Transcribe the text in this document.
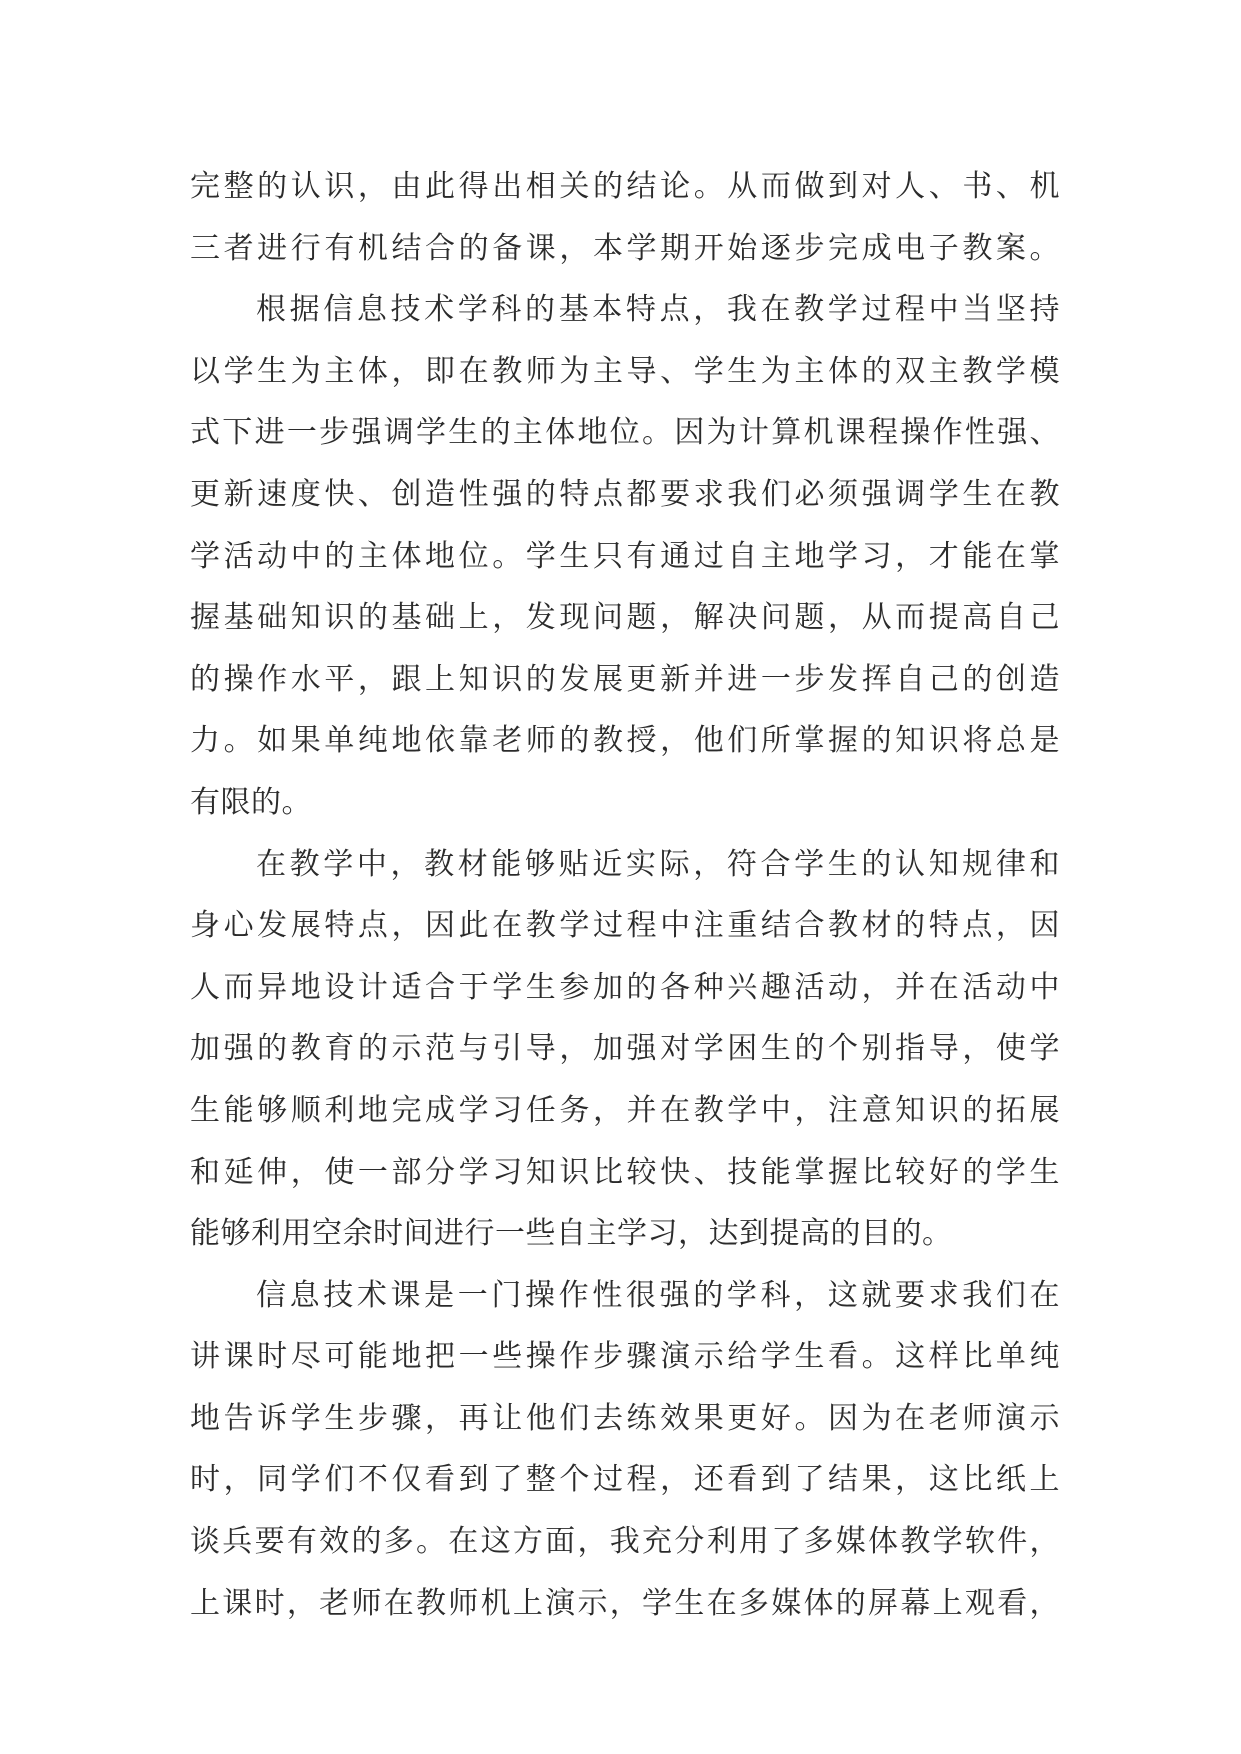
完整的认识，由此得出相关的结论。从而做到对人、书、机
三者进行有机结合的备课，本学期开始逐步完成电子教案。
根据信息技术学科的基本特点，我在教学过程中当坚持
以学生为主体，即在教师为主导、学生为主体的双主教学模
式下进一步强调学生的主体地位。因为计算机课程操作性强、
更新速度快、创造性强的特点都要求我们必须强调学生在教
学活动中的主体地位。学生只有通过自主地学习，才能在掌
握基础知识的基础上，发现问题，解决问题，从而提高自己
的操作水平，跟上知识的发展更新并进一步发挥自己的创造
力。如果单纯地依靠老师的教授，他们所掌握的知识将总是
有限的。
在教学中，教材能够贴近实际，符合学生的认知规律和
身心发展特点，因此在教学过程中注重结合教材的特点，因
人而异地设计适合于学生参加的各种兴趣活动，并在活动中
加强的教育的示范与引导，加强对学困生的个别指导，使学
生能够顺利地完成学习任务，并在教学中，注意知识的拓展
和延伸，使一部分学习知识比较快、技能掌握比较好的学生
能够利用空余时间进行一些自主学习，达到提高的目的。
信息技术课是一门操作性很强的学科，这就要求我们在
讲课时尽可能地把一些操作步骤演示给学生看。这样比单纯
地告诉学生步骤，再让他们去练效果更好。因为在老师演示
时，同学们不仅看到了整个过程，还看到了结果，这比纸上
谈兵要有效的多。在这方面，我充分利用了多媒体教学软件，
上课时，老师在教师机上演示，学生在多媒体的屏幕上观看，
